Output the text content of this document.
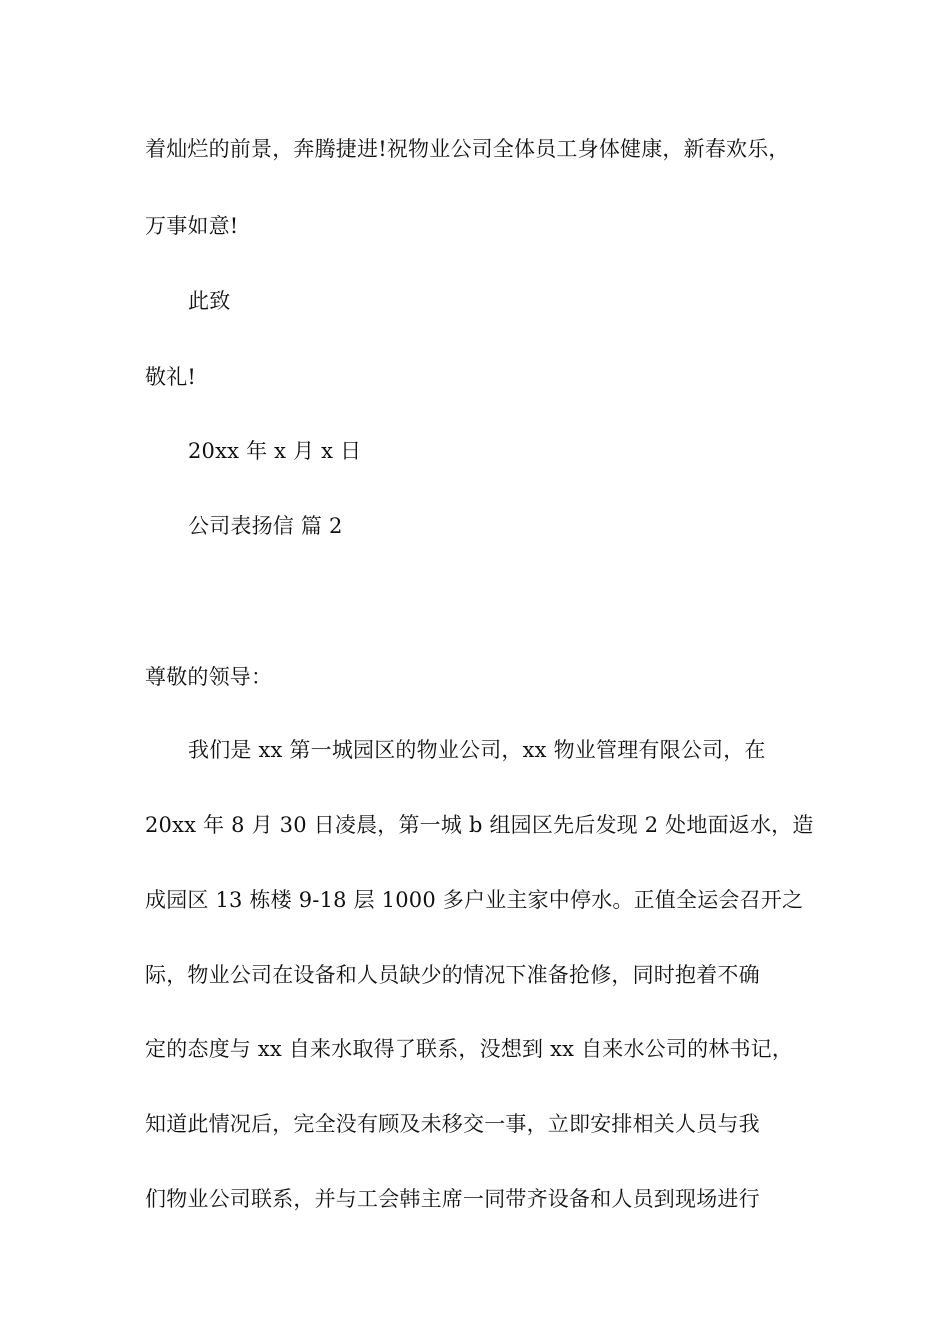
着灿烂的前景，奔腾捷进!祝物业公司全体员工身体健康，新春欢乐，
万事如意!
此致
敬礼!
20xx 年 x 月 x 日
公司表扬信 篇 2
尊敬的领导：
我们是 xx 第一城园区的物业公司，xx 物业管理有限公司，在
20xx 年 8 月 30 日凌晨，第一城 b 组园区先后发现 2 处地面返水，造
成园区 13 栋楼 9-18 层 1000 多户业主家中停水。正值全运会召开之
际，物业公司在设备和人员缺少的情况下准备抢修，同时抱着不确
定的态度与 xx 自来水取得了联系，没想到 xx 自来水公司的林书记，
知道此情况后，完全没有顾及未移交一事，立即安排相关人员与我
们物业公司联系，并与工会韩主席一同带齐设备和人员到现场进行
